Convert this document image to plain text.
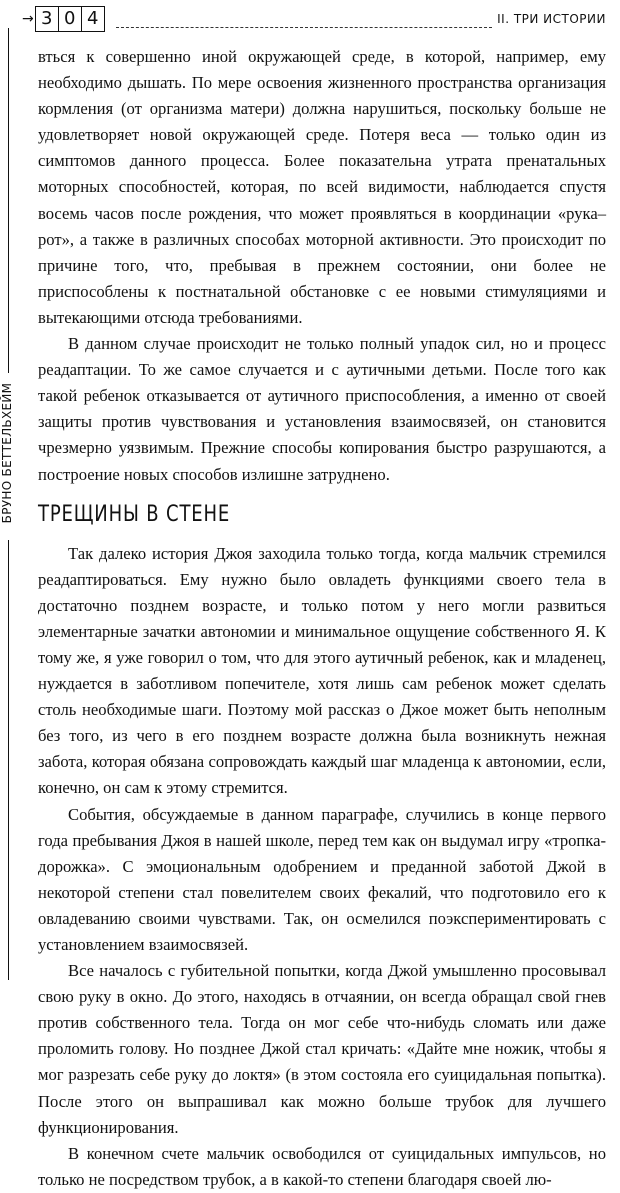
→ 3 0 4	II. ТРИ ИСТОРИИ
БРУНО БЕТТЕЛЬХЕЙМ

вться к совершенно иной окружающей среде, в которой, например, ему необходимо дышать. По мере освоения жизненного пространства организация кормления (от организма матери) должна нарушиться, поскольку больше не удовлетворяет новой окружающей среде. Потеря веса — только один из симптомов данного процесса. Более показательна утрата пренатальных моторных способностей, которая, по всей видимости, наблюдается спустя восемь часов после рождения, что может проявляться в координации «рука–рот», а также в различных способах моторной активности. Это происходит по причине того, что, пребывая в прежнем состоянии, они более не приспособлены к постнатальной обстановке с ее новыми стимуляциями и вытекающими отсюда требованиями.

В данном случае происходит не только полный упадок сил, но и процесс реадаптации. То же самое случается и с аутичными детьми. После того как такой ребенок отказывается от аутичного приспособления, а именно от своей защиты против чувствования и установления взаимосвязей, он становится чрезмерно уязвимым. Прежние способы копирования быстро разрушаются, а построение новых способов излишне затруднено.

ТРЕЩИНЫ В СТЕНЕ

Так далеко история Джоя заходила только тогда, когда мальчик стремился реадаптироваться. Ему нужно было овладеть функциями своего тела в достаточно позднем возрасте, и только потом у него могли развиться элементарные зачатки автономии и минимальное ощущение собственного Я. К тому же, я уже говорил о том, что для этого аутичный ребенок, как и младенец, нуждается в заботливом попечителе, хотя лишь сам ребенок может сделать столь необходимые шаги. Поэтому мой рассказ о Джое может быть неполным без того, из чего в его позднем возрасте должна была возникнуть нежная забота, которая обязана сопровождать каждый шаг младенца к автономии, если, конечно, он сам к этому стремится.

События, обсуждаемые в данном параграфе, случились в конце первого года пребывания Джоя в нашей школе, перед тем как он выдумал игру «тропка-дорожка». С эмоциональным одобрением и преданной заботой Джой в некоторой степени стал повелителем своих фекалий, что подготовило его к овладеванию своими чувствами. Так, он осмелился поэкспериментировать с установлением взаимосвязей.

Все началось с губительной попытки, когда Джой умышленно просовывал свою руку в окно. До этого, находясь в отчаянии, он всегда обращал свой гнев против собственного тела. Тогда он мог себе что-нибудь сломать или даже проломить голову. Но позднее Джой стал кричать: «Дайте мне ножик, чтобы я мог разрезать себе руку до локтя» (в этом состояла его суицидальная попытка). После этого он выпрашивал как можно больше трубок для лучшего функционирования.

В конечном счете мальчик освободился от суицидальных импульсов, но только не посредством трубок, а в какой-то степени благодаря своей лю-
